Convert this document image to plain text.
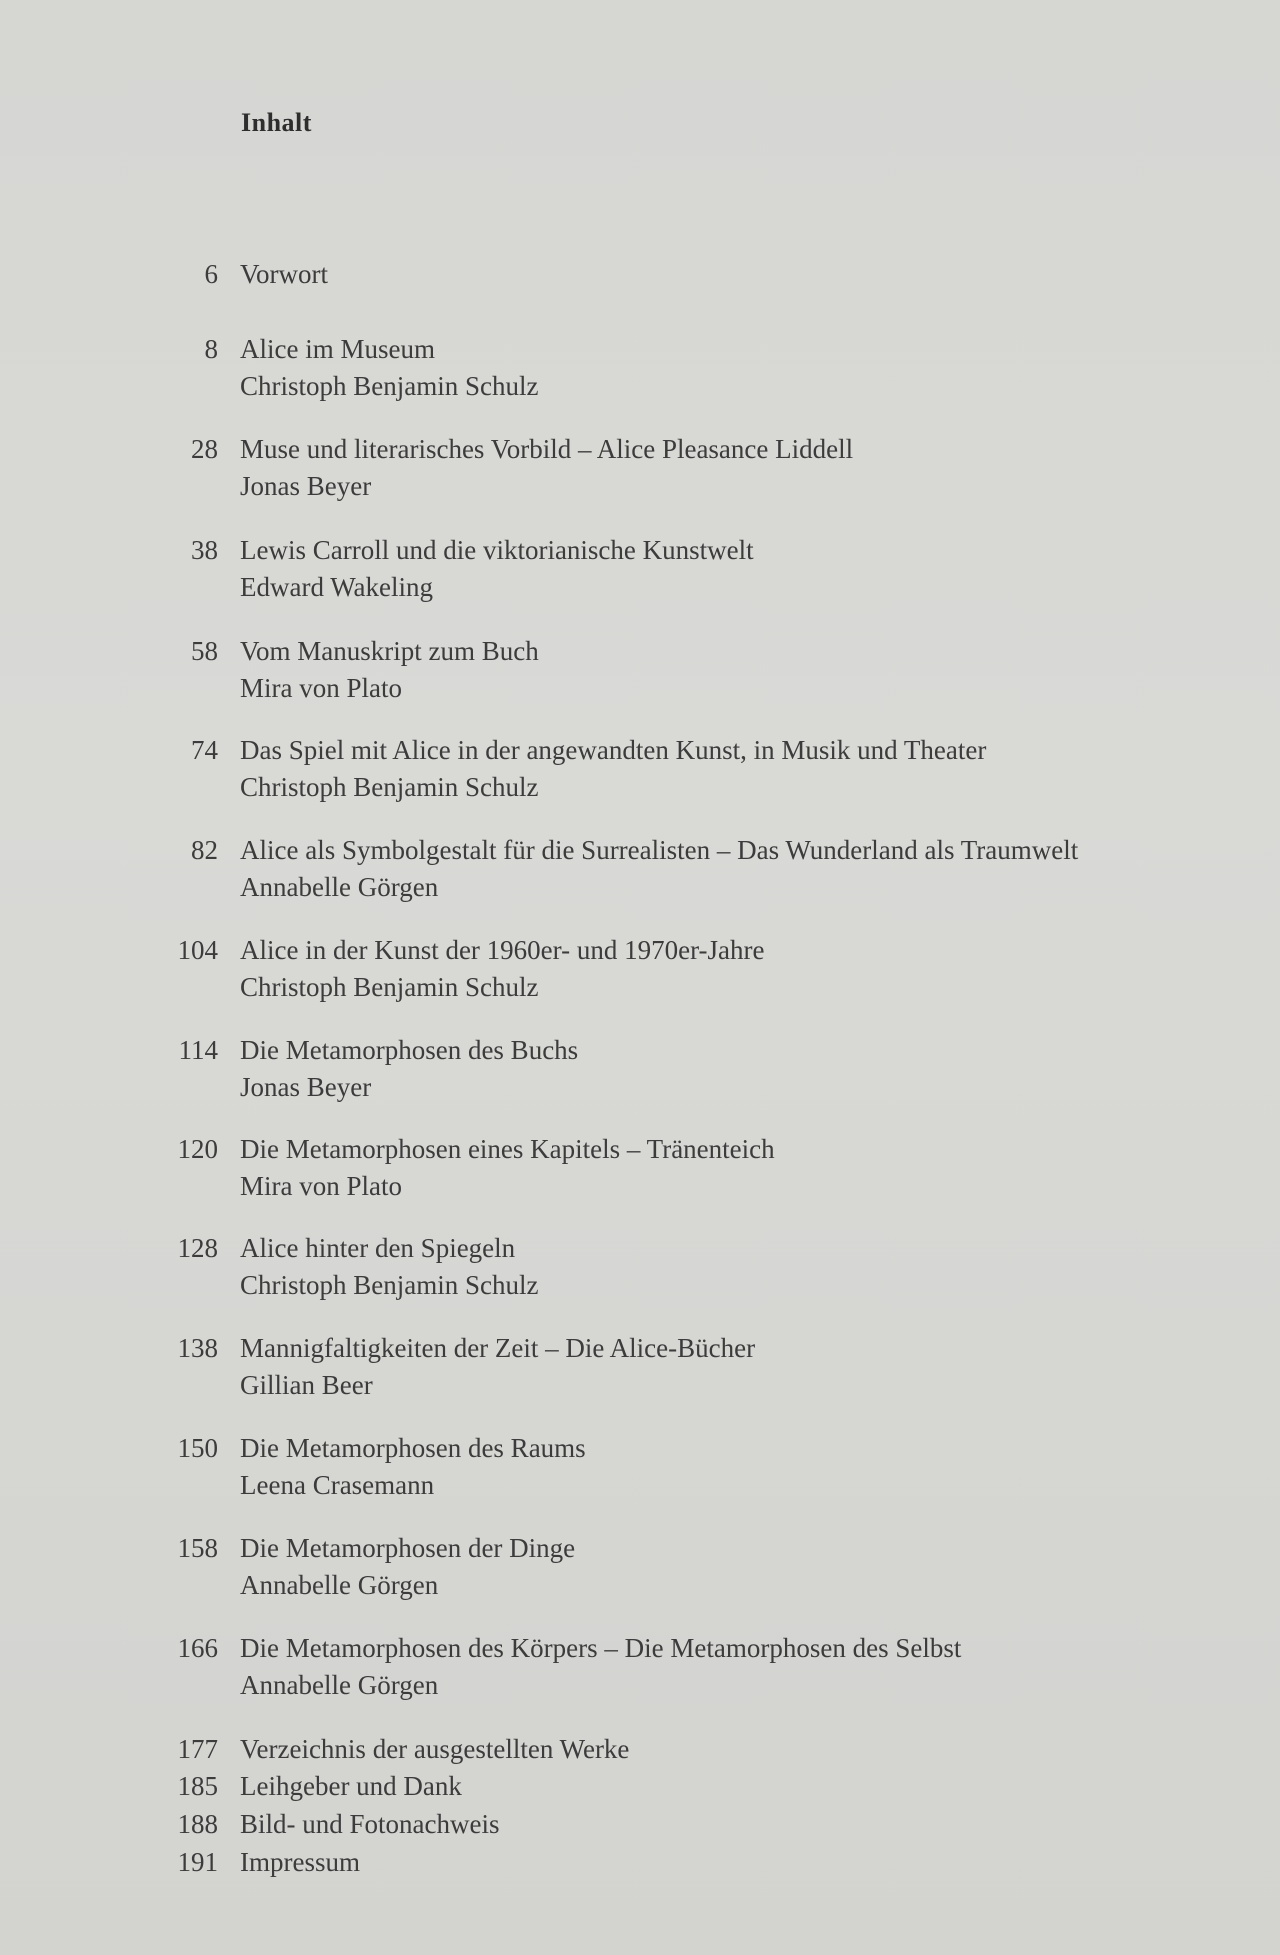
Inhalt
6 Vorwort
8 Alice im Museum
Christoph Benjamin Schulz
28 Muse und literarisches Vorbild – Alice Pleasance Liddell
Jonas Beyer
38 Lewis Carroll und die viktorianische Kunstwelt
Edward Wakeling
58 Vom Manuskript zum Buch
Mira von Plato
74 Das Spiel mit Alice in der angewandten Kunst, in Musik und Theater
Christoph Benjamin Schulz
82 Alice als Symbolgestalt für die Surrealisten – Das Wunderland als Traumwelt
Annabelle Görgen
104 Alice in der Kunst der 1960er- und 1970er-Jahre
Christoph Benjamin Schulz
114 Die Metamorphosen des Buchs
Jonas Beyer
120 Die Metamorphosen eines Kapitels – Tränenteich
Mira von Plato
128 Alice hinter den Spiegeln
Christoph Benjamin Schulz
138 Mannigfaltigkeiten der Zeit – Die Alice-Bücher
Gillian Beer
150 Die Metamorphosen des Raums
Leena Crasemann
158 Die Metamorphosen der Dinge
Annabelle Görgen
166 Die Metamorphosen des Körpers – Die Metamorphosen des Selbst
Annabelle Görgen
177 Verzeichnis der ausgestellten Werke
185 Leihgeber und Dank
188 Bild- und Fotonachweis
191 Impressum
